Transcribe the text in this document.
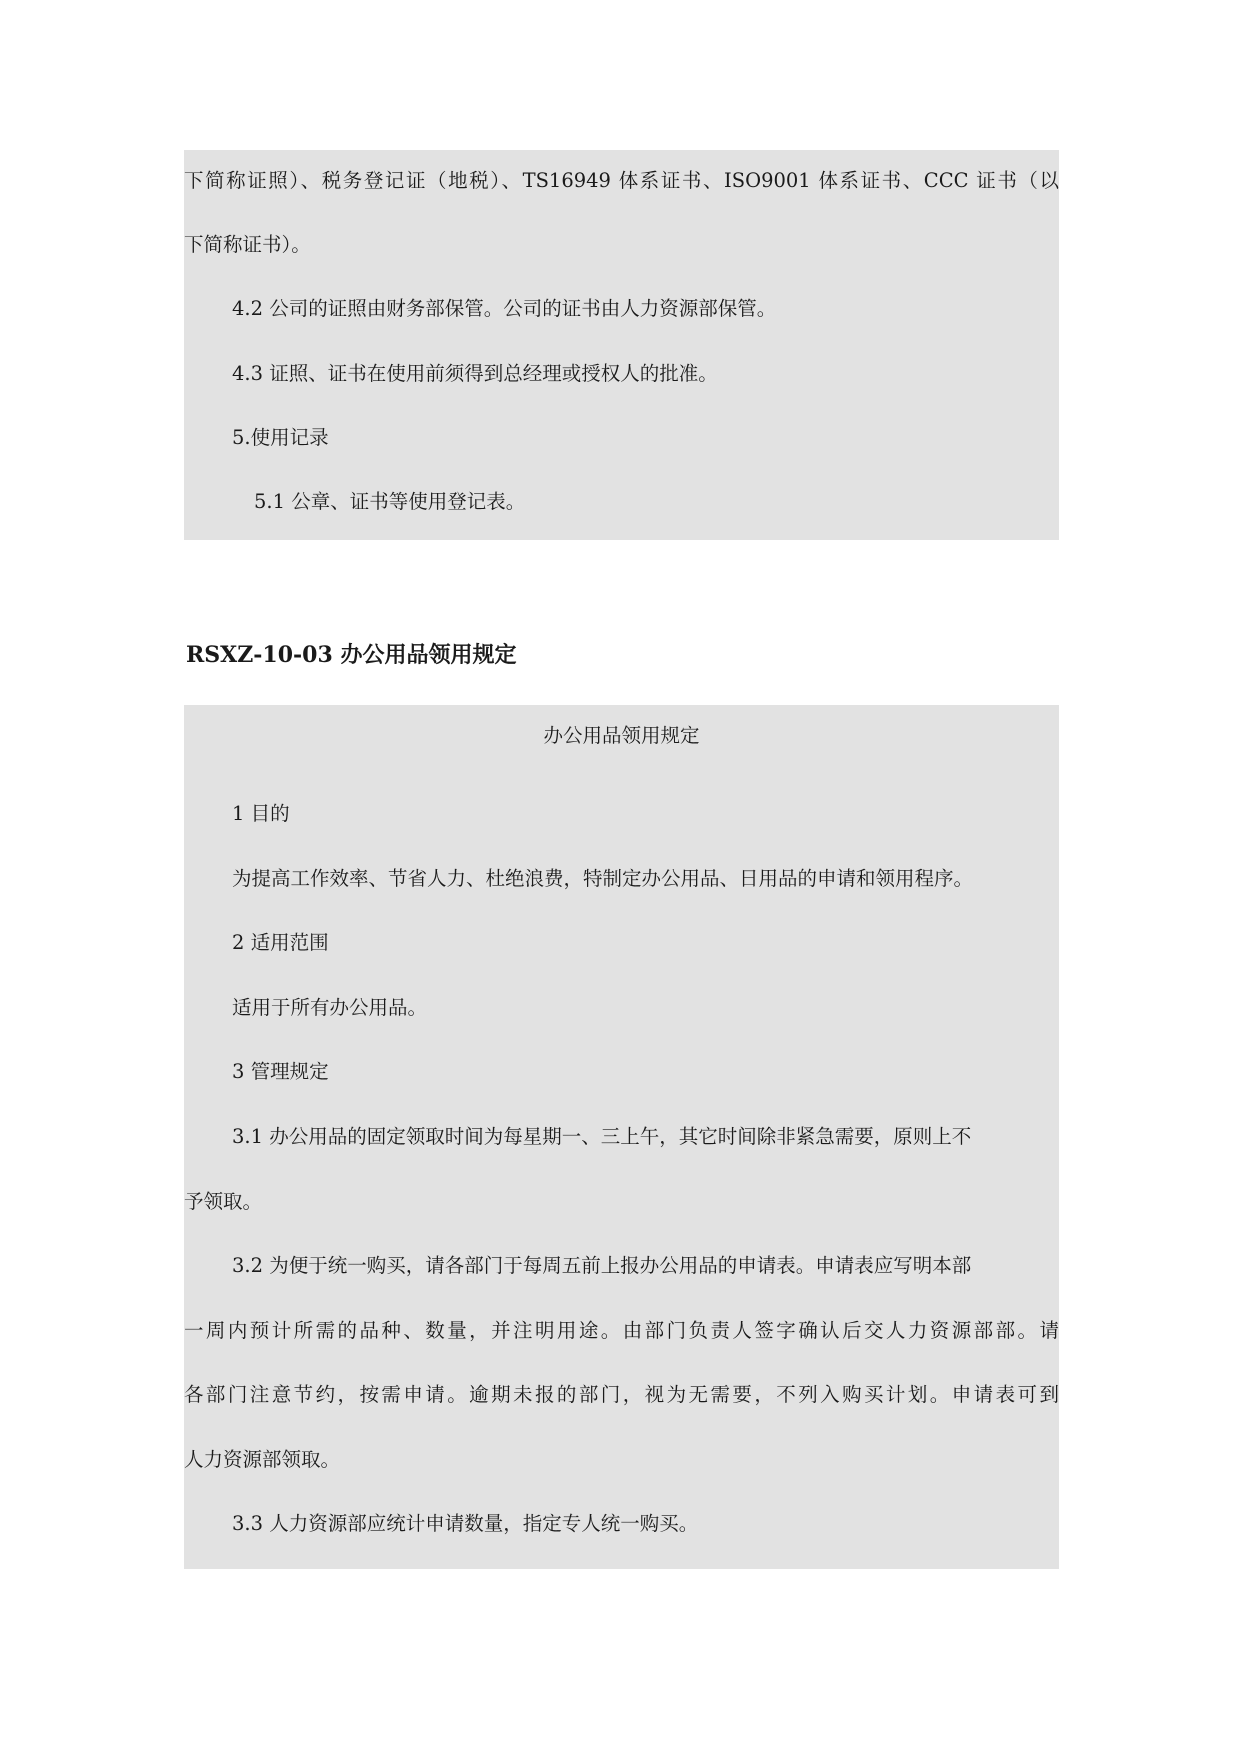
下简称证照）、税务登记证（地税）、TS16949 体系证书、ISO9001 体系证书、CCC 证书（以
下简称证书）。
4.2 公司的证照由财务部保管。公司的证书由人力资源部保管。
4.3 证照、证书在使用前须得到总经理或授权人的批准。
5.使用记录
5.1 公章、证书等使用登记表。
RSXZ-10-03 办公用品领用规定
办公用品领用规定
1 目的
为提高工作效率、节省人力、杜绝浪费，特制定办公用品、日用品的申请和领用程序。
2 适用范围
适用于所有办公用品。
3 管理规定
3.1 办公用品的固定领取时间为每星期一、三上午，其它时间除非紧急需要，原则上不
予领取。
3.2 为便于统一购买，请各部门于每周五前上报办公用品的申请表。申请表应写明本部
一周内预计所需的品种、数量，并注明用途。由部门负责人签字确认后交人力资源部部。请
各部门注意节约，按需申请。逾期未报的部门，视为无需要，不列入购买计划。申请表可到
人力资源部领取。
3.3 人力资源部应统计申请数量，指定专人统一购买。
